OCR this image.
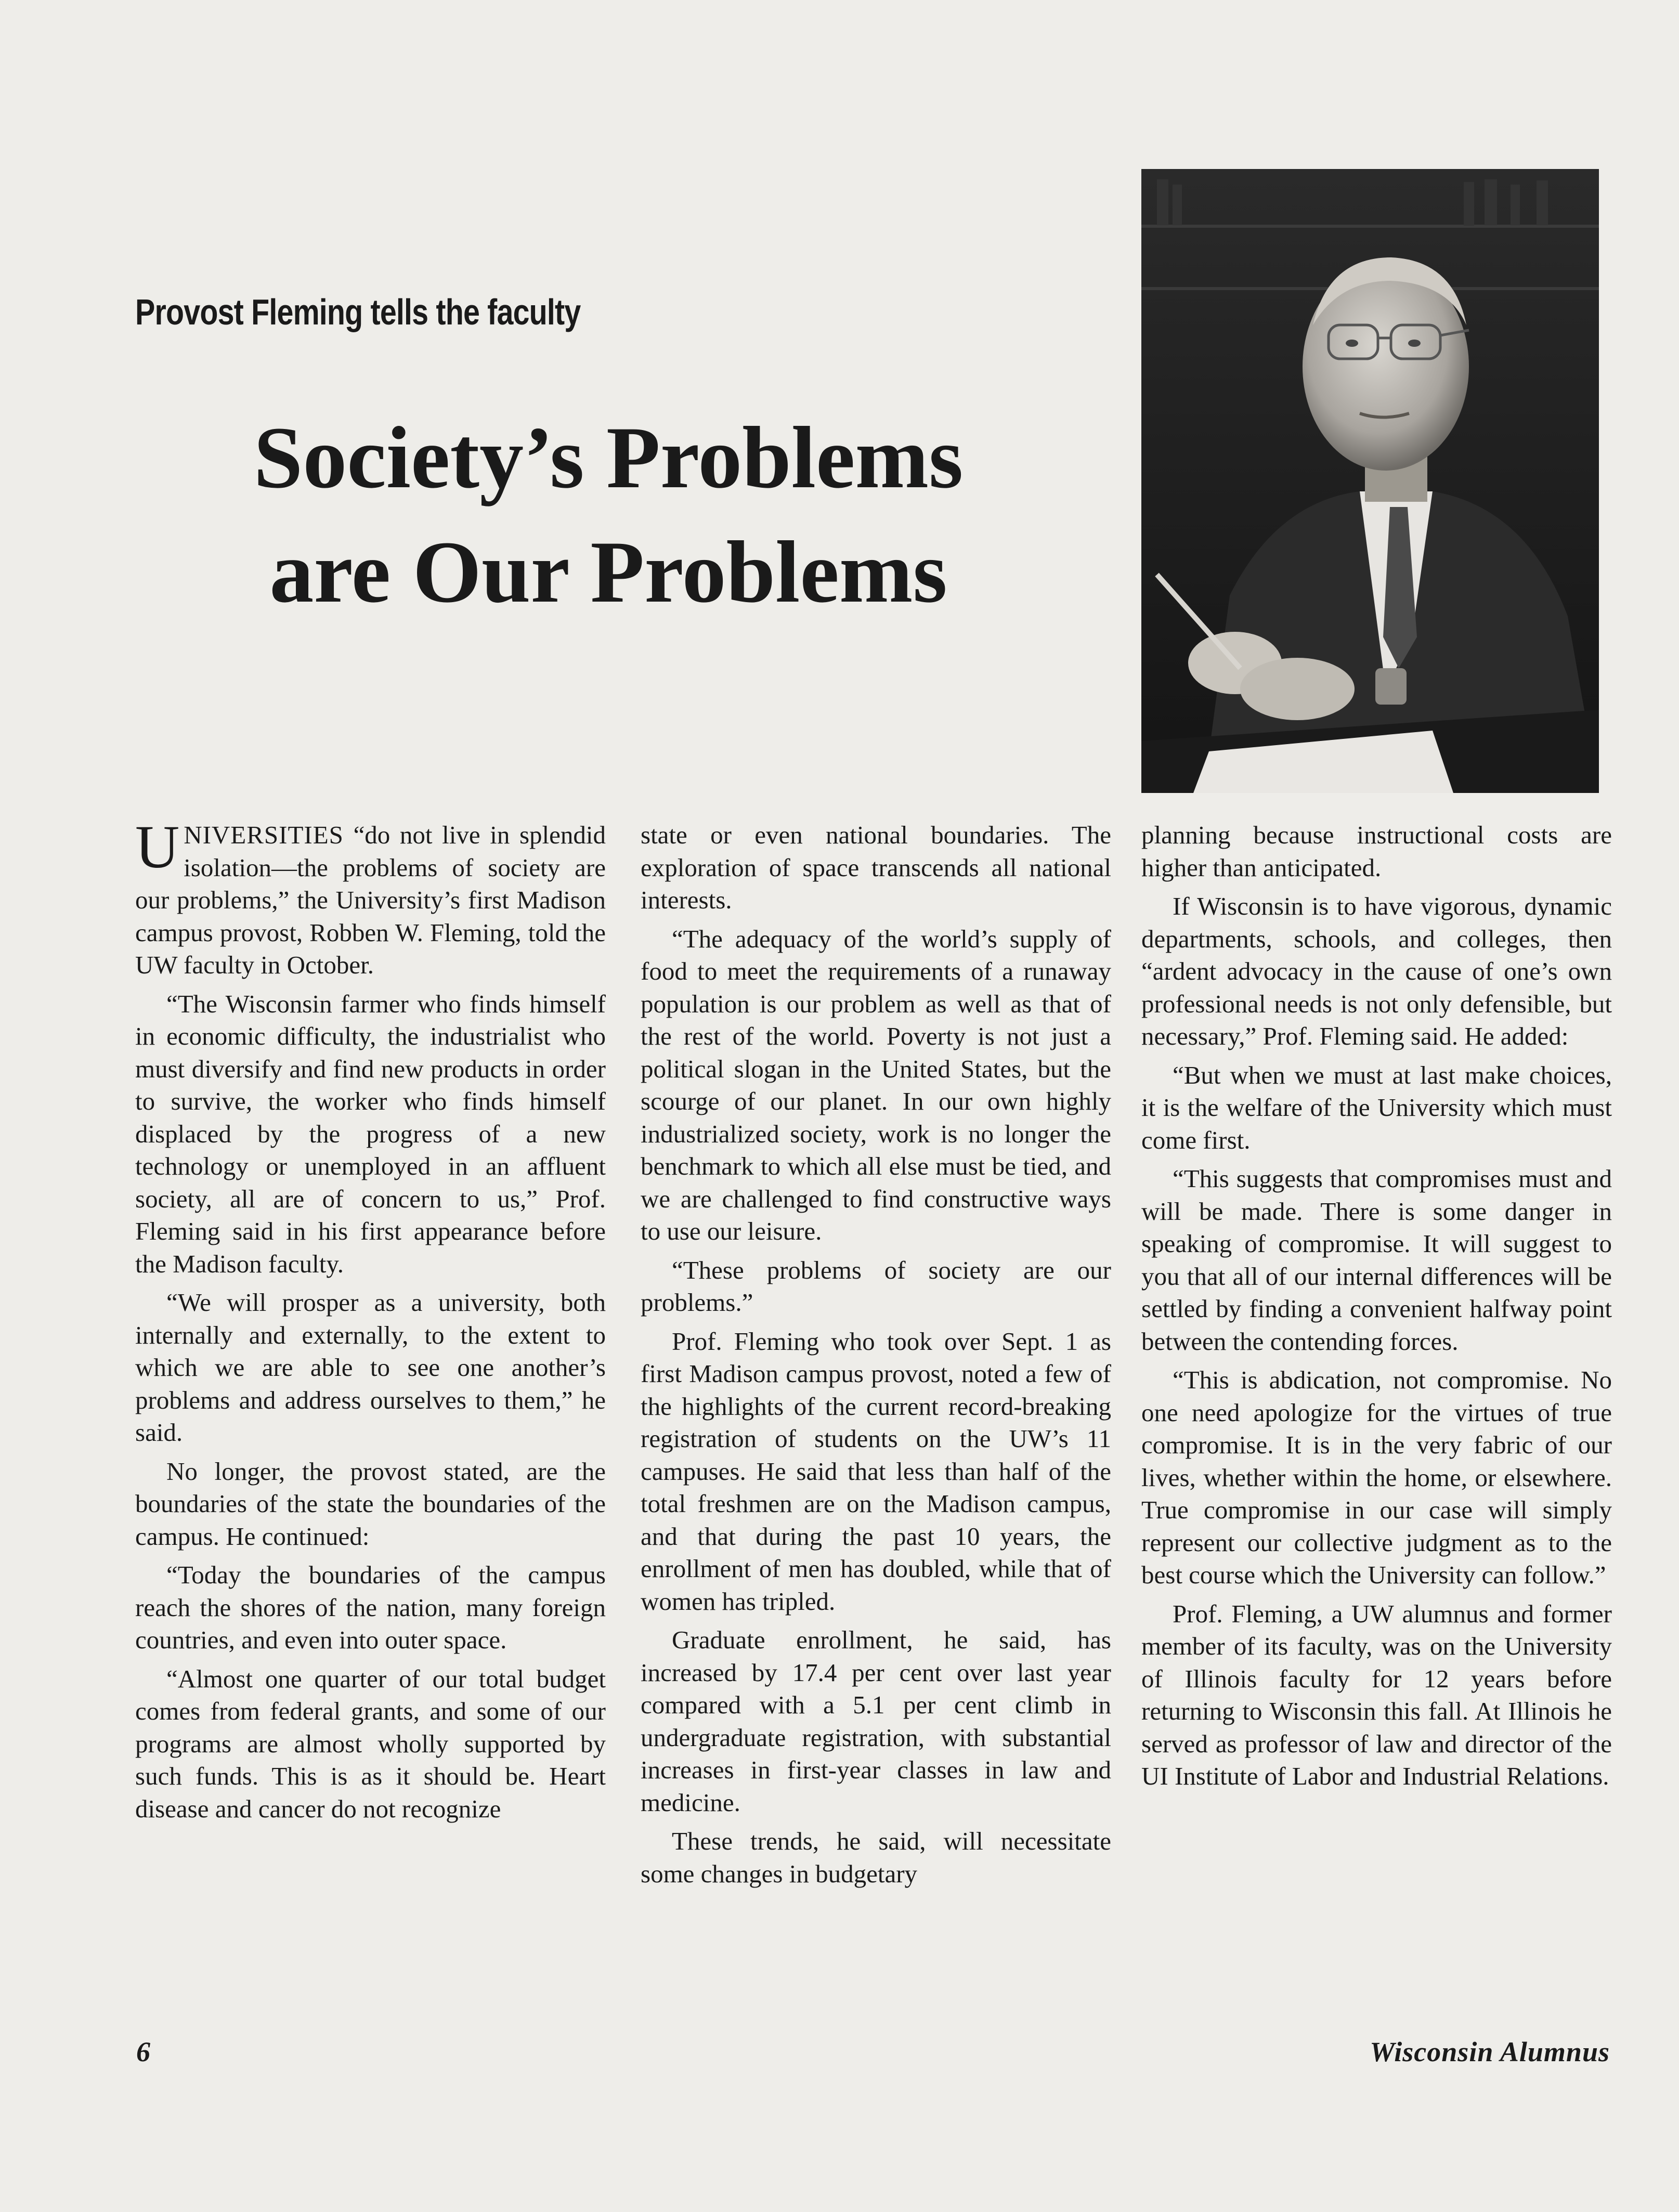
Provost Fleming tells the faculty
Society’s Problems
are Our Problems

UNIVERSITIES “do not live in splendid isolation—the problems of society are our problems,” the University’s first Madison campus provost, Robben W. Fleming, told the UW faculty in October.

“The Wisconsin farmer who finds himself in economic difficulty, the industrialist who must diversify and find new products in order to survive, the worker who finds himself displaced by the progress of a new technology or unemployed in an affluent society, all are of concern to us,” Prof. Fleming said in his first appearance before the Madison faculty.

“We will prosper as a university, both internally and externally, to the extent to which we are able to see one another’s problems and address ourselves to them,” he said.

No longer, the provost stated, are the boundaries of the state the boundaries of the campus. He continued:

“Today the boundaries of the campus reach the shores of the nation, many foreign countries, and even into outer space.

“Almost one quarter of our total budget comes from federal grants, and some of our programs are almost wholly supported by such funds. This is as it should be. Heart disease and cancer do not recognize

state or even national boundaries. The exploration of space transcends all national interests.

“The adequacy of the world’s supply of food to meet the requirements of a runaway population is our problem as well as that of the rest of the world. Poverty is not just a political slogan in the United States, but the scourge of our planet. In our own highly industrialized society, work is no longer the benchmark to which all else must be tied, and we are challenged to find constructive ways to use our leisure.

“These problems of society are our problems.”

Prof. Fleming who took over Sept. 1 as first Madison campus provost, noted a few of the highlights of the current record-breaking registration of students on the UW’s 11 campuses. He said that less than half of the total freshmen are on the Madison campus, and that during the past 10 years, the enrollment of men has doubled, while that of women has tripled.

Graduate enrollment, he said, has increased by 17.4 per cent over last year compared with a 5.1 per cent climb in undergraduate registration, with substantial increases in first-year classes in law and medicine.

These trends, he said, will necessitate some changes in budgetary

planning because instructional costs are higher than anticipated.

If Wisconsin is to have vigorous, dynamic departments, schools, and colleges, then “ardent advocacy in the cause of one’s own professional needs is not only defensible, but necessary,” Prof. Fleming said. He added:

“But when we must at last make choices, it is the welfare of the University which must come first.

“This suggests that compromises must and will be made. There is some danger in speaking of compromise. It will suggest to you that all of our internal differences will be settled by finding a convenient halfway point between the contending forces.

“This is abdication, not compromise. No one need apologize for the virtues of true compromise. It is in the very fabric of our lives, whether within the home, or elsewhere. True compromise in our case will simply represent our collective judgment as to the best course which the University can follow.”

Prof. Fleming, a UW alumnus and former member of its faculty, was on the University of Illinois faculty for 12 years before returning to Wisconsin this fall. At Illinois he served as professor of law and director of the UI Institute of Labor and Industrial Relations.

6	Wisconsin Alumnus
